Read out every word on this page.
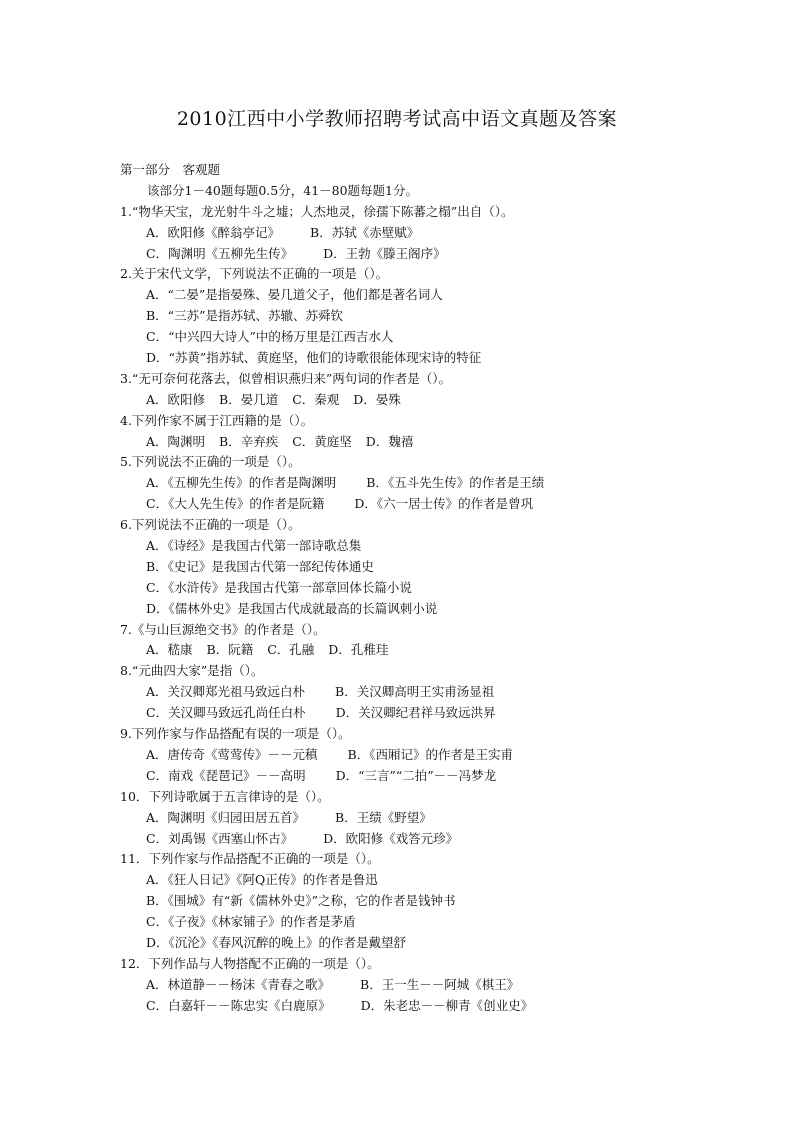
2010江西中小学教师招聘考试高中语文真题及答案
第一部分　客观题
该部分1－40题每题0.5分，41－80题每题1分。
1.“物华天宝，龙光射牛斗之墟；人杰地灵，徐孺下陈蕃之榻”出自（）。
A．欧阳修《醉翁亭记》 B．苏轼《赤壁赋》
C．陶渊明《五柳先生传》 D．王勃《滕王阁序》
2.关于宋代文学，下列说法不正确的一项是（）。
A．“二晏”是指晏殊、晏几道父子，他们都是著名词人
B．“三苏”是指苏轼、苏辙、苏舜钦
C．“中兴四大诗人”中的杨万里是江西吉水人
D．“苏黄”指苏轼、黄庭坚，他们的诗歌很能体现宋诗的特征
3.“无可奈何花落去，似曾相识燕归来”两句词的作者是（）。
A．欧阳修 B．晏几道 C．秦观 D．晏殊
4.下列作家不属于江西籍的是（）。
A．陶渊明 B．辛弃疾 C．黄庭坚 D．魏禧
5.下列说法不正确的一项是（）。
A．《五柳先生传》的作者是陶渊明 B．《五斗先生传》的作者是王绩
C．《大人先生传》的作者是阮籍 D．《六一居士传》的作者是曾巩
6.下列说法不正确的一项是（）。
A．《诗经》是我国古代第一部诗歌总集
B．《史记》是我国古代第一部纪传体通史
C．《水浒传》是我国古代第一部章回体长篇小说
D．《儒林外史》是我国古代成就最高的长篇讽刺小说
7.《与山巨源绝交书》的作者是（）。
A．嵇康 B．阮籍 C．孔融 D．孔稚珪
8.“元曲四大家”是指（）。
A．关汉卿郑光祖马致远白朴 B．关汉卿高明王实甫汤显祖
C．关汉卿马致远孔尚任白朴 D．关汉卿纪君祥马致远洪昇
9.下列作家与作品搭配有误的一项是（）。
A．唐传奇《莺莺传》－－元稹 B．《西厢记》的作者是王实甫
C．南戏《琵琶记》－－高明 D．“三言”“二拍”－－冯梦龙
10．下列诗歌属于五言律诗的是（）。
A．陶渊明《归园田居五首》 B．王绩《野望》
C．刘禹锡《西塞山怀古》 D．欧阳修《戏答元珍》
11．下列作家与作品搭配不正确的一项是（）。
A．《狂人日记》《阿Q正传》的作者是鲁迅
B．《围城》有“新《儒林外史》”之称，它的作者是钱钟书
C．《子夜》《林家铺子》的作者是茅盾
D．《沉沦》《春风沉醉的晚上》的作者是戴望舒
12．下列作品与人物搭配不正确的一项是（）。
A．林道静－－杨沫《青春之歌》 B．王一生－－阿城《棋王》
C．白嘉轩－－陈忠实《白鹿原》 D．朱老忠－－柳青《创业史》
